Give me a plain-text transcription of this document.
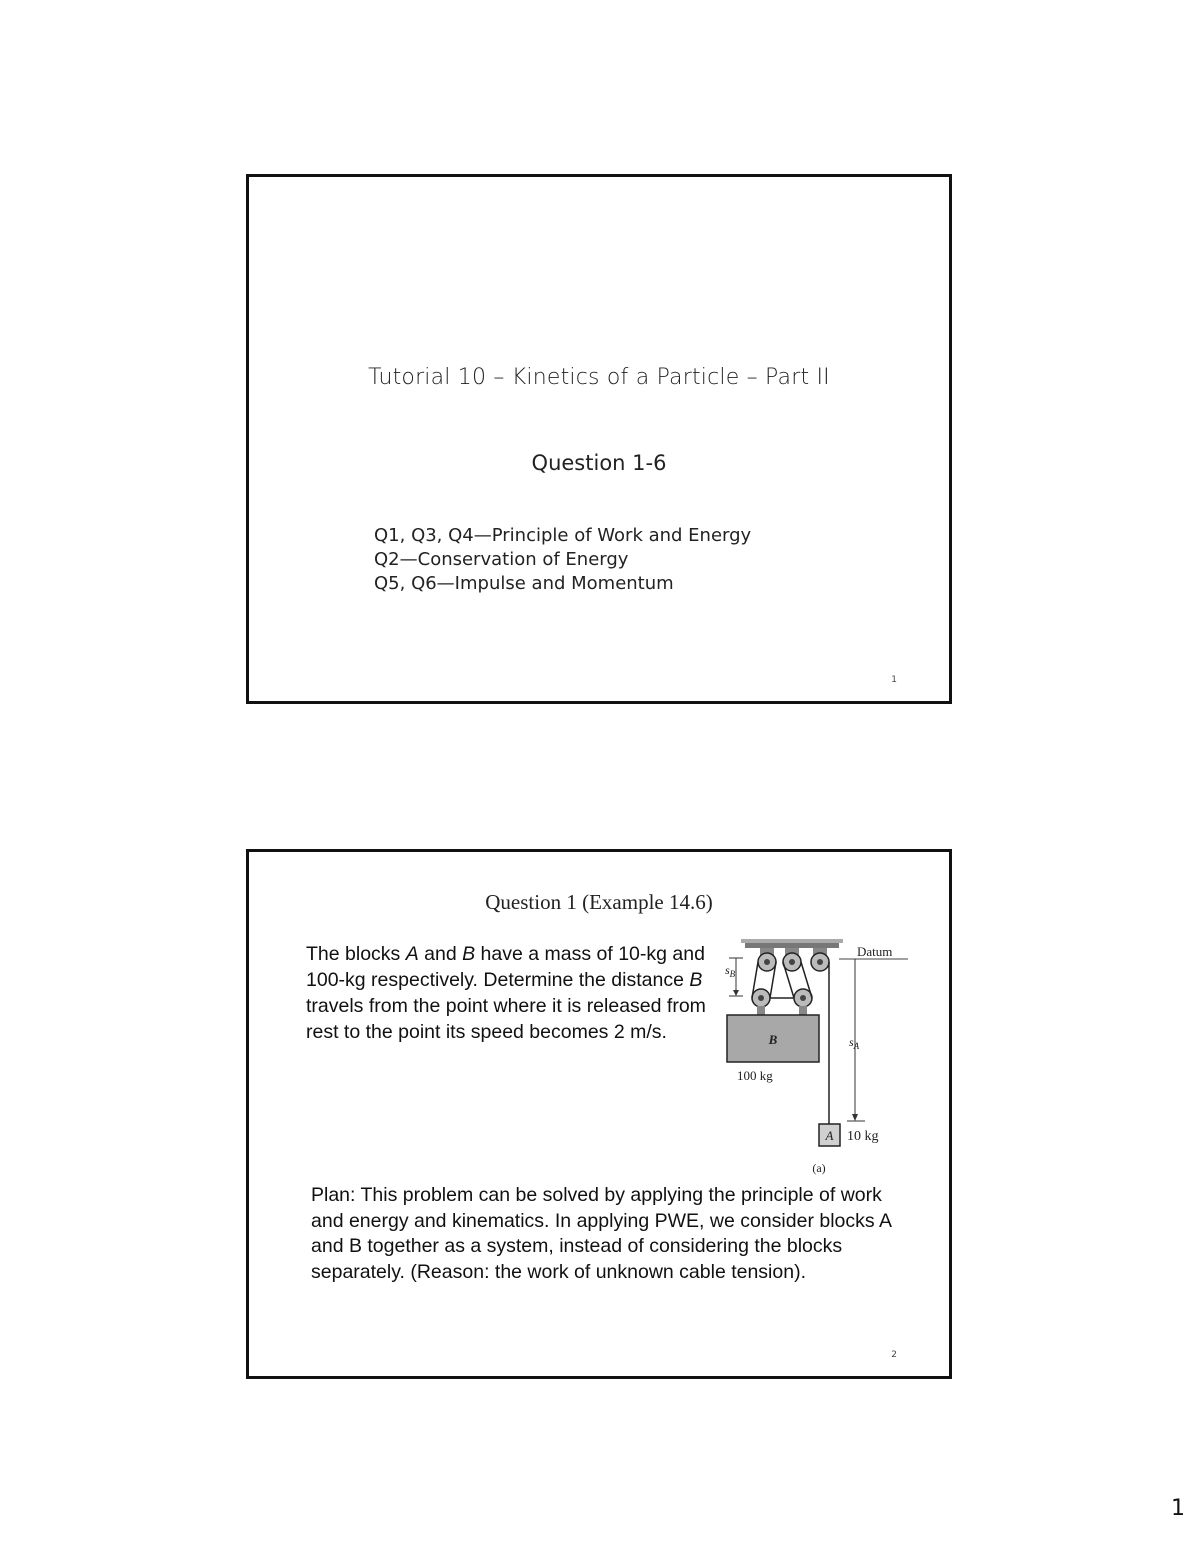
Tutorial 10 – Kinetics of a Particle – Part II
Question 1-6
Q1, Q3, Q4—Principle of Work and Energy
Q2—Conservation of Energy
Q5, Q6—Impulse and Momentum
1
Question 1 (Example 14.6)
The blocks A and B have a mass of 10-kg and 100-kg respectively. Determine the distance B travels from the point where it is released from rest to the point its speed becomes 2 m/s.
Datum
$s_B$
B
100 kg
$s_A$
A 10 kg
(a)
Plan: This problem can be solved by applying the principle of work and energy and kinematics. In applying PWE, we consider blocks A and B together as a system, instead of considering the blocks separately. (Reason: the work of unknown cable tension).
2
1
